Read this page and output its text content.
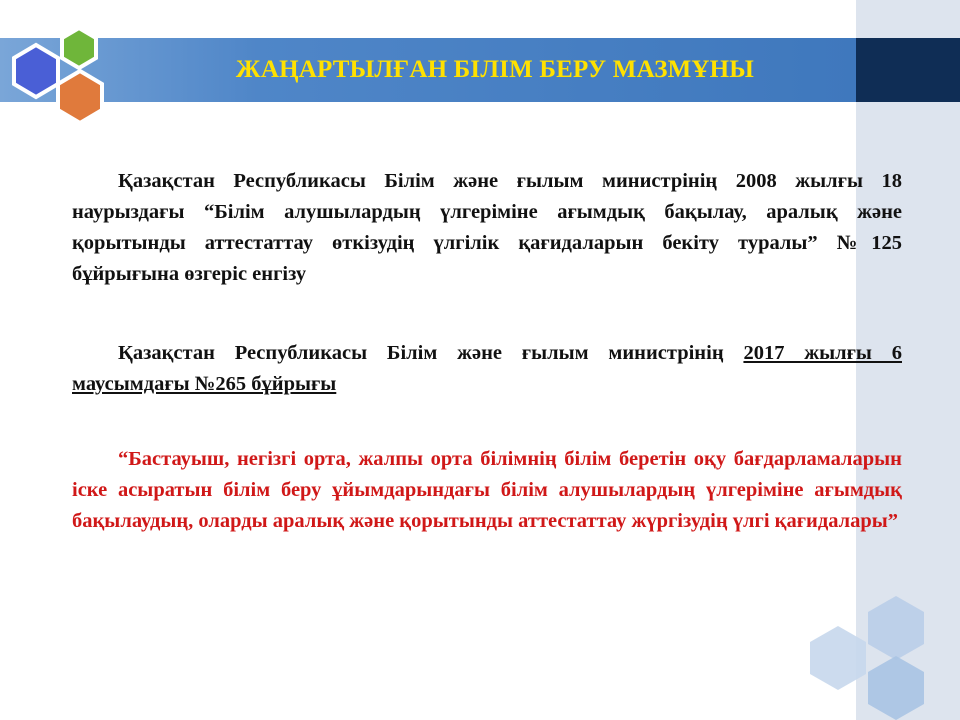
ЖАҢАРТЫЛҒАН БІЛІМ БЕРУ МАЗМҰНЫ
Қазақстан Республикасы Білім және ғылым министрінің 2008 жылғы 18 наурыздағы “Білім алушылардың үлгеріміне ағымдық бақылау, аралық және қорытынды аттестаттау өткізудің үлгілік қағидаларын бекіту туралы” №125 бұйрығына өзгеріс енгізу
Қазақстан Республикасы Білім және ғылым министрінің 2017 жылғы 6 маусымдағы №265 бұйрығы
“Бастауыш, негізгі орта, жалпы орта білімнің білім беретін оқу бағдарламаларын іске асыратын білім беру ұйымдарындағы білім алушылардың үлгеріміне ағымдық бақылаудың, оларды аралық және қорытынды аттестаттау жүргізудің үлгі қағидалары”
